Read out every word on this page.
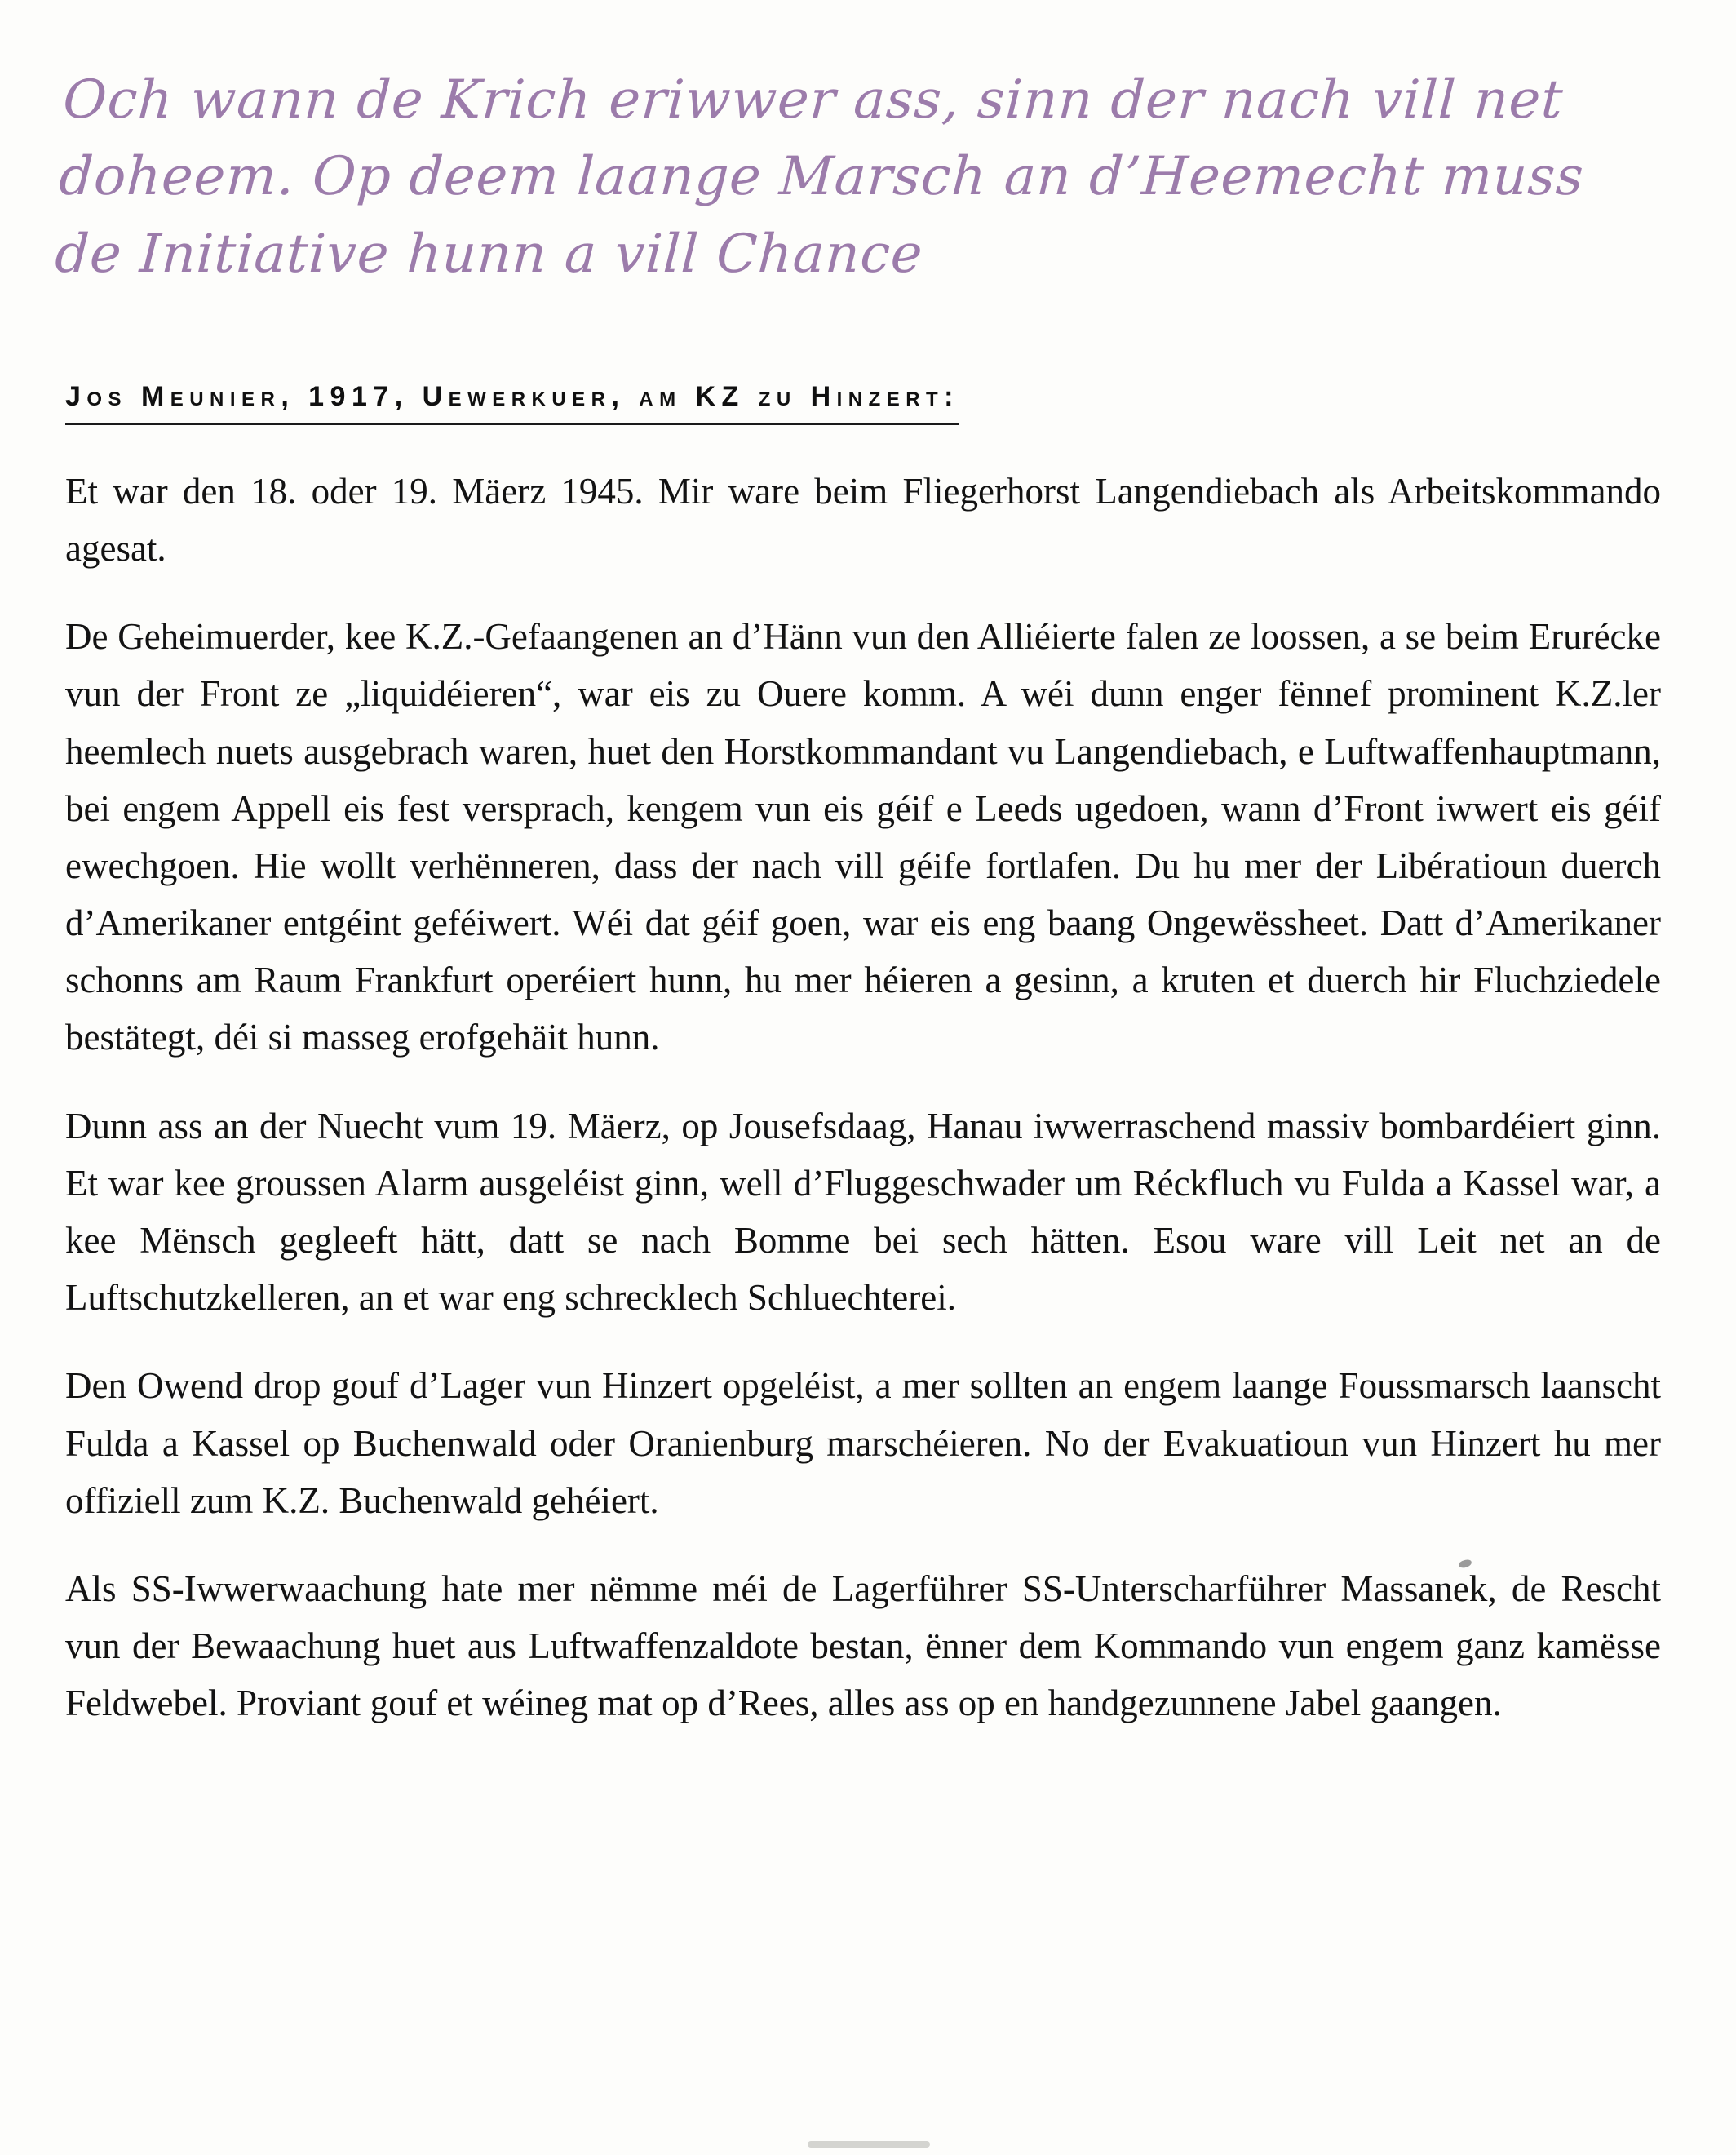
Och wann de Krich eriwwer ass, sinn der nach vill net
doheem. Op deem laange Marsch an d’Heemecht muss
de Initiative hunn a vill Chance
Jos Meunier, 1917, Uewerkuer, am KZ zu Hinzert:

Et war den 18. oder 19. Mäerz 1945. Mir ware beim Fliegerhorst Langendiebach als Arbeitskommando agesat.

De Geheimuerder, kee K.Z.-Gefaangenen an d’Hänn vun den Alliéierte falen ze loossen, a se beim Erurécke vun der Front ze „liquidéieren“, war eis zu Ouere komm. A wéi dunn enger fënnef prominent K.Z.ler heemlech nuets ausgebrach waren, huet den Horstkommandant vu Langendiebach, e Luftwaffenhauptmann, bei engem Appell eis fest versprach, kengem vun eis géif e Leeds ugedoen, wann d’Front iwwert eis géif ewechgoen. Hie wollt verhënneren, dass der nach vill géife fortlafen. Du hu mer der Libératioun duerch d’Amerikaner entgéint geféiwert. Wéi dat géif goen, war eis eng baang Ongewëssheet. Datt d’Amerikaner schonns am Raum Frankfurt operéiert hunn, hu mer héieren a gesinn, a kruten et duerch hir Fluchziedele bestätegt, déi si masseg erofgehäit hunn.

Dunn ass an der Nuecht vum 19. Mäerz, op Jousefsdaag, Hanau iwwerraschend massiv bombardéiert ginn. Et war kee groussen Alarm ausgeléist ginn, well d’Fluggeschwader um Réckfluch vu Fulda a Kassel war, a kee Mënsch gegleeft hätt, datt se nach Bomme bei sech hätten. Esou ware vill Leit net an de Luftschutzkelleren, an et war eng schrecklech Schluechterei.

Den Owend drop gouf d’Lager vun Hinzert opgeléist, a mer sollten an engem laange Foussmarsch laanscht Fulda a Kassel op Buchenwald oder Oranienburg marschéieren. No der Evakuatioun vun Hinzert hu mer offiziell zum K.Z. Buchenwald gehéiert.

Als SS-Iwwerwaachung hate mer nëmme méi de Lagerführer SS-Unterscharführer Massanek, de Rescht vun der Bewaachung huet aus Luftwaffenzaldote bestan, ënner dem Kommando vun engem ganz kamësse Feldwebel. Proviant gouf et wéineg mat op d’Rees, alles ass op en handgezunnene Jabel gaangen.
